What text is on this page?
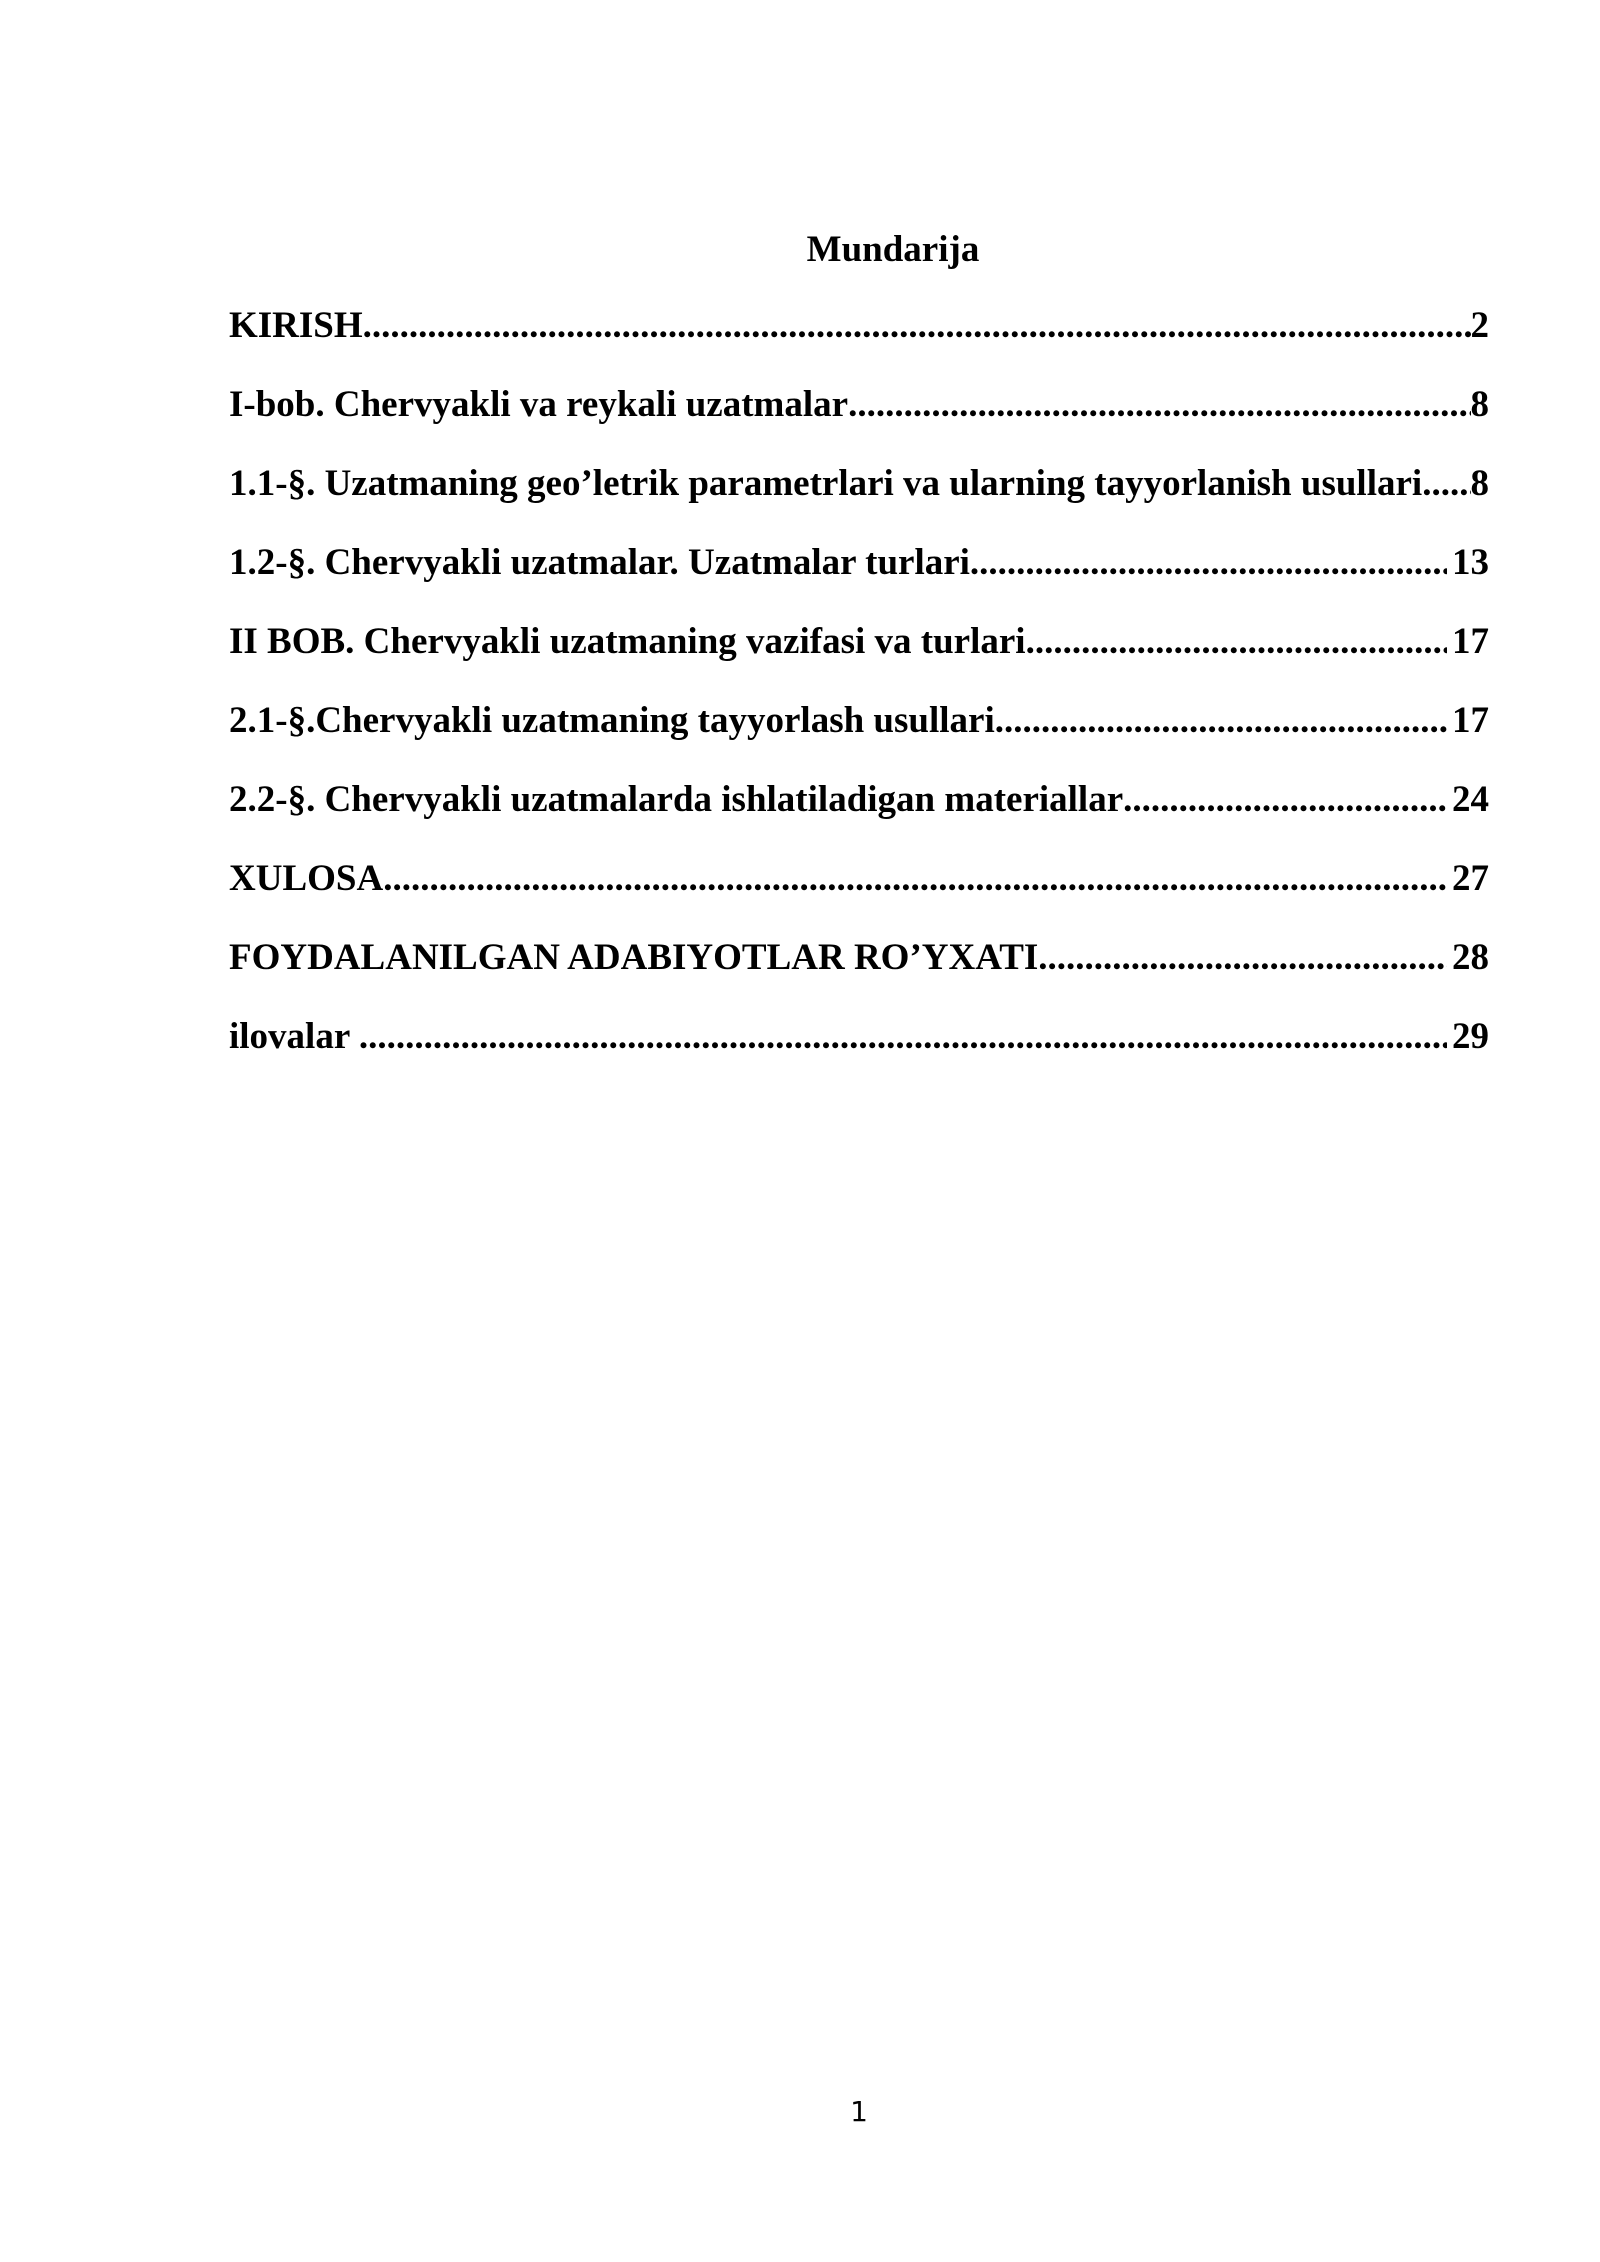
Mundarija
KIRISH .....	2
I-bob. Chervyakli va reykali uzatmalar .....	8
1.1-§. Uzatmaning geo’letrik parametrlari va ularning tayyorlanish usullari. ..... 8
1.2-§. Chervyakli uzatmalar. Uzatmalar turlari .....	13
II BOB. Chervyakli uzatmaning vazifasi va turlari .....	17
2.1-§.Chervyakli uzatmaning tayyorlash usullari .....	17
2.2-§. Chervyakli uzatmalarda ishlatiladigan materiallar .....	24
XULOSA .....	27
FOYDALANILGAN ADABIYOTLAR RO’YXATI .....	28
ilovalar .....	29
1
